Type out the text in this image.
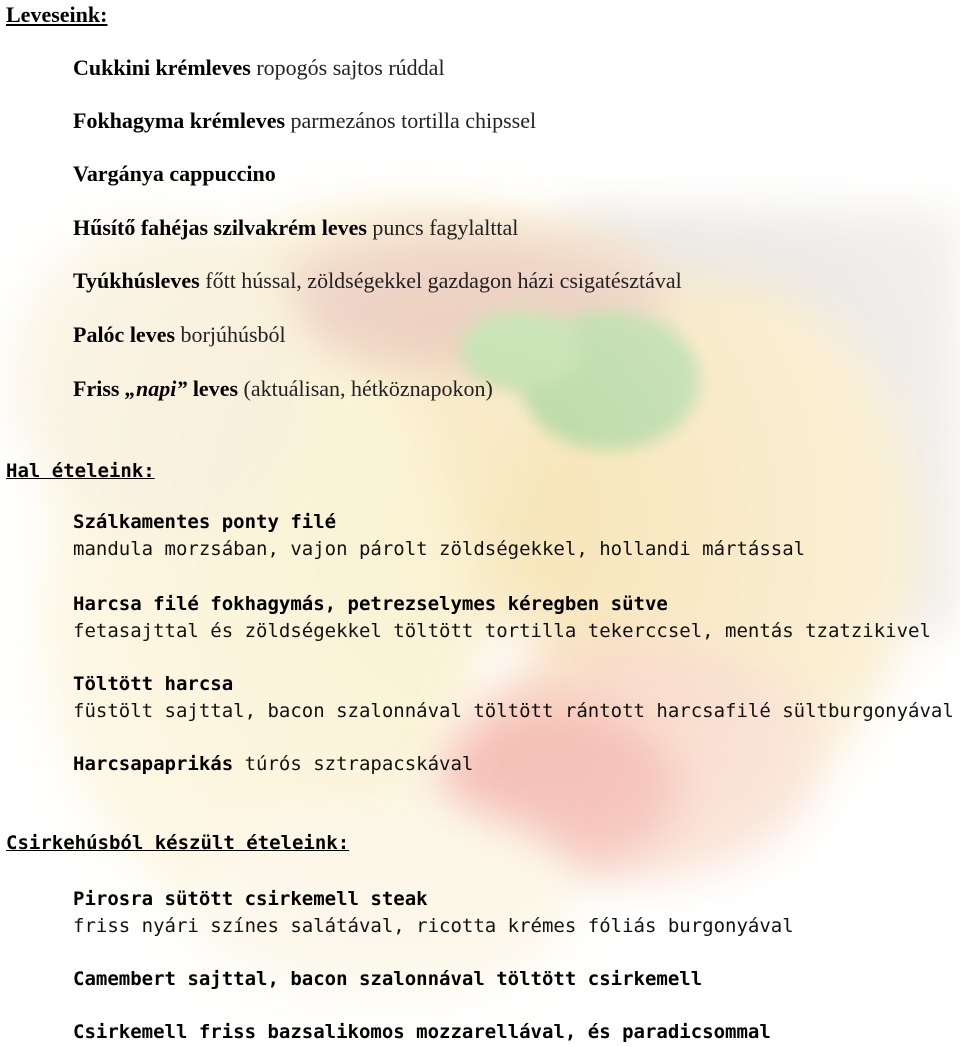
Leveseink:
Cukkini krémleves ropogós sajtos rúddal
Fokhagyma krémleves parmezános tortilla chipssel
Vargánya cappuccino
Hűsítő fahéjas szilvakrém leves puncs fagylalttal
Tyúkhúsleves főtt hússal, zöldségekkel gazdagon házi csigatésztával
Palóc leves borjúhúsból
Friss „napi” leves (aktuálisan, hétköznapokon)
Hal ételeink:
Szálkamentes ponty filé
mandula morzsában, vajon párolt zöldségekkel, hollandi mártással
Harcsa filé fokhagymás, petrezselymes kéregben sütve
fetasajttal és zöldségekkel töltött tortilla tekerccsel, mentás tzatzikivel
Töltött harcsa
füstölt sajttal, bacon szalonnával töltött rántott harcsafilé sültburgonyával
Harcsapaprikás túrós sztrapacskával
Csirkehúsból készült ételeink:
Pirosra sütött csirkemell steak
friss nyári színes salátával, ricotta krémes fóliás burgonyával
Camembert sajttal, bacon szalonnával töltött csirkemell
Csirkemell friss bazsalikomos mozzarellával, és paradicsommal
